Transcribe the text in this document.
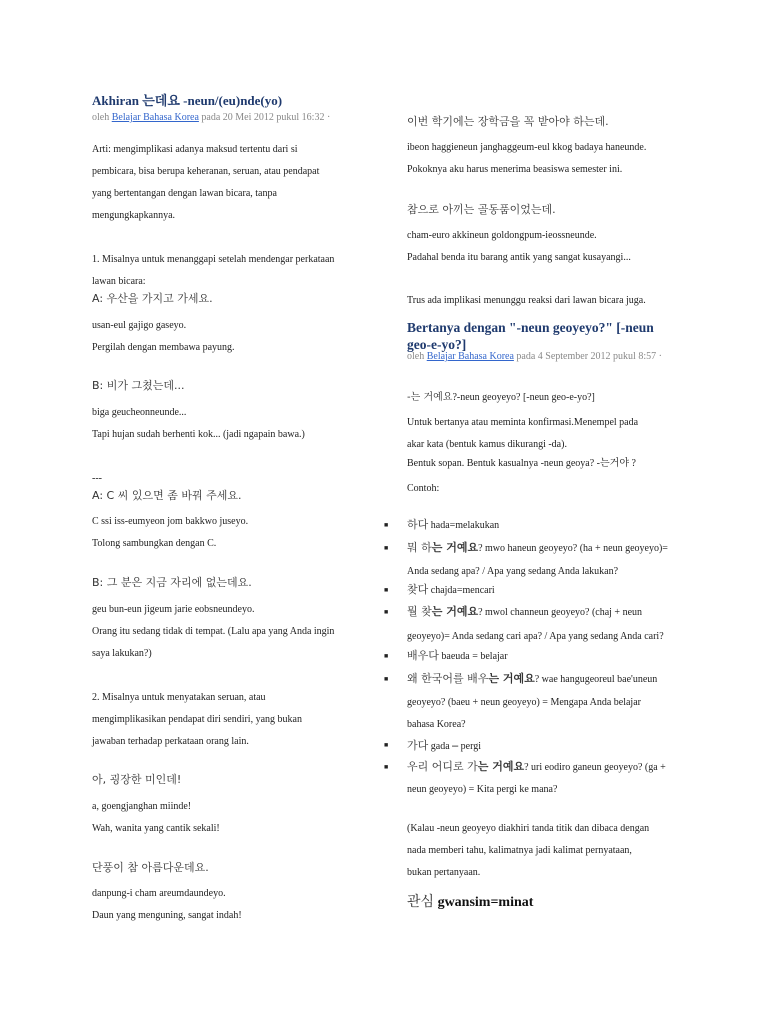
Akhiran 는데요 -neun/(eu)nde(yo)
oleh Belajar Bahasa Korea pada 20 Mei 2012 pukul 16:32 ·
Arti: mengimplikasi adanya maksud tertentu dari si
pembicara, bisa berupa keheranan, seruan, atau pendapat
yang bertentangan dengan lawan bicara, tanpa
mengungkapkannya.
1. Misalnya untuk menanggapi setelah mendengar perkataan
lawan bicara:
A: 우산을 가지고 가세요.
usan-eul gajigo gaseyo.
Pergilah dengan membawa payung.
B: 비가 그쳤는데...
biga geucheonneunde...
Tapi hujan sudah berhenti kok... (jadi ngapain bawa.)
---
A: C 씨 있으면 좀 바꿔 주세요.
C ssi iss-eumyeon jom bakkwo juseyo.
Tolong sambungkan dengan C.
B: 그 분은 지금 자리에 없는데요.
geu bun-eun jigeum jarie eobsneundeyo.
Orang itu sedang tidak di tempat. (Lalu apa yang Anda ingin
saya lakukan?)
2. Misalnya untuk menyatakan seruan, atau
mengimplikasikan pendapat diri sendiri, yang bukan
jawaban terhadap perkataan orang lain.
아, 굉장한 미인데!
a, goengjanghan miinde!
Wah, wanita yang cantik sekali!
단풍이 참 아름다운데요.
danpung-i cham areumdaundeyo.
Daun yang menguning, sangat indah!
이번 학기에는 장학금을 꼭 받아야 하는데.
ibeon haggieneun janghaggeum-eul kkog badaya haneunde.
Pokoknya aku harus menerima beasiswa semester ini.
참으로 아끼는 골동품이었는데.
cham-euro akkineun goldongpum-ieossneunde.
Padahal benda itu barang antik yang sangat kusayangi...
Trus ada implikasi menunggu reaksi dari lawan bicara juga.
Bertanya dengan "-neun geoyeyo?" [-neun geo-e-yo?]
oleh Belajar Bahasa Korea pada 4 September 2012 pukul 8:57 ·
-는 거예요?-neun geoyeyo? [-neun geo-e-yo?]
Untuk bertanya atau meminta konfirmasi.Menempel pada
akar kata (bentuk kamus dikurangi -da).
Bentuk sopan. Bentuk kasualnya -neun geoya? -는거야 ?
Contoh:
■ 하다 hada=melakukan
■ 뭐 하는 거예요? mwo haneun geoyeyo? (ha + neun geoyeyo)=
Anda sedang apa? / Apa yang sedang Anda lakukan?
■ 찾다 chajda=mencari
■ 뭘 찾는 거예요? mwol channeun geoyeyo? (chaj + neun
geoyeyo)= Anda sedang cari apa? / Apa yang sedang Anda cari?
■ 배우다 baeuda = belajar
■ 왜 한국어를 배우는 거예요? wae hangugeoreul bae'uneun
geoyeyo? (baeu + neun geoyeyo) = Mengapa Anda belajar
bahasa Korea?
■ 가다 gada – pergi
■ 우리 어디로 가는 거예요? uri eodiro ganeun geoyeyo? (ga +
neun geoyeyo) = Kita pergi ke mana?
(Kalau -neun geoyeyo diakhiri tanda titik dan dibaca dengan
nada memberi tahu, kalimatnya jadi kalimat pernyataan,
bukan pertanyaan.
관심 gwansim=minat
